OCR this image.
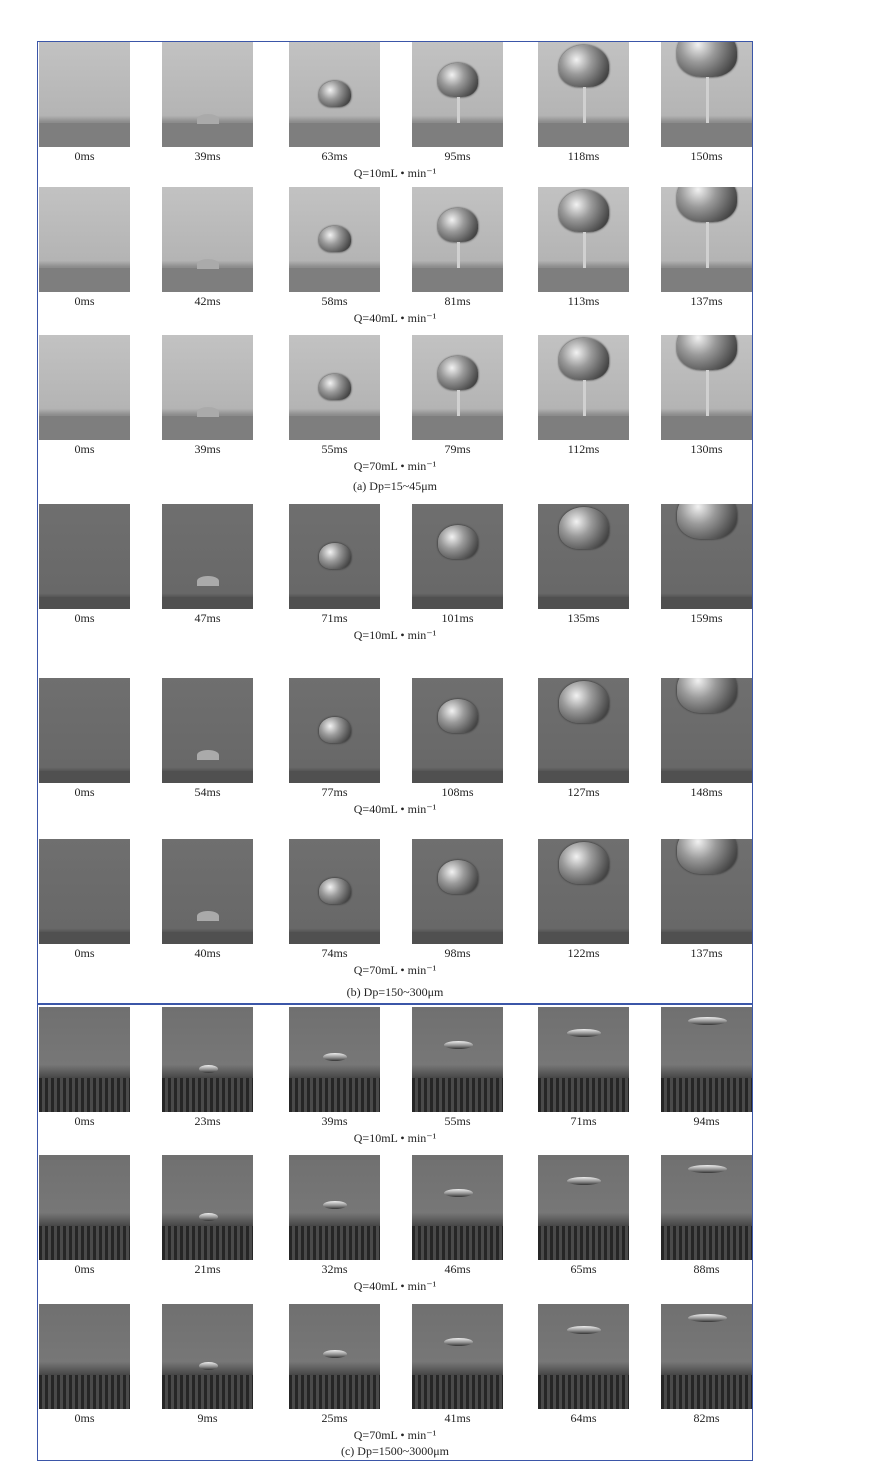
0ms	39ms	63ms	95ms	118ms	150ms
Q=10mL • min⁻¹
0ms	42ms	58ms	81ms	113ms	137ms
Q=40mL • min⁻¹
0ms	39ms	55ms	79ms	112ms	130ms
Q=70mL • min⁻¹
0ms	47ms	71ms	101ms	135ms	159ms
Q=10mL • min⁻¹
0ms	54ms	77ms	108ms	127ms	148ms
Q=40mL • min⁻¹
0ms	40ms	74ms	98ms	122ms	137ms
Q=70mL • min⁻¹
(a) Dp=15~45μm
(b) Dp=150~300μm
0ms	23ms	39ms	55ms	71ms	94ms
Q=10mL • min⁻¹
0ms	21ms	32ms	46ms	65ms	88ms
Q=40mL • min⁻¹
0ms	9ms	25ms	41ms	64ms	82ms
Q=70mL • min⁻¹
(c) Dp=1500~3000μm
